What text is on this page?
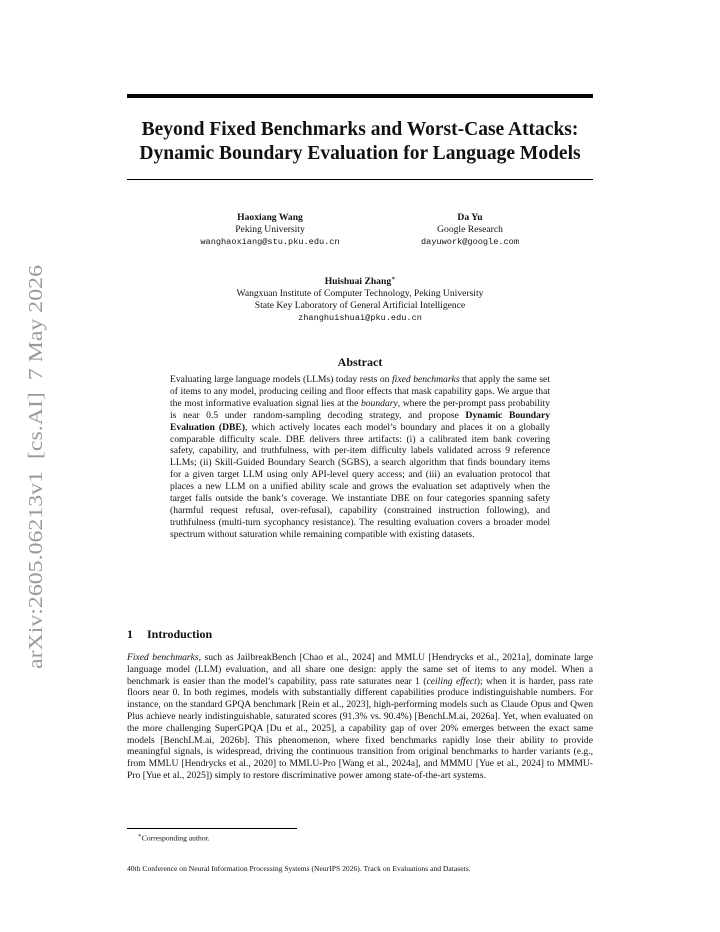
arXiv:2605.06213v1  [cs.AI]  7 May 2026
Beyond Fixed Benchmarks and Worst-Case Attacks:
Dynamic Boundary Evaluation for Language Models
Haoxiang Wang
Peking University
wanghaoxiang@stu.pku.edu.cn
Da Yu
Google Research
dayuwork@google.com
Huishuai Zhang∗
Wangxuan Institute of Computer Technology, Peking University
State Key Laboratory of General Artificial Intelligence
zhanghuishuai@pku.edu.cn
Abstract

Evaluating large language models (LLMs) today rests on fixed benchmarks that apply the same set of items to any model, producing ceiling and floor effects that mask capability gaps. We argue that the most informative evaluation signal lies at the boundary, where the per-prompt pass probability is near 0.5 under random-sampling decoding strategy, and propose Dynamic Boundary Evaluation (DBE), which actively locates each model’s boundary and places it on a globally comparable difficulty scale. DBE delivers three artifacts: (i) a calibrated item bank covering safety, capability, and truthfulness, with per-item difficulty labels validated across 9 reference LLMs; (ii) Skill-Guided Boundary Search (SGBS), a search algorithm that finds boundary items for a given target LLM using only API-level query access; and (iii) an evaluation protocol that places a new LLM on a unified ability scale and grows the evaluation set adaptively when the target falls outside the bank’s coverage. We instantiate DBE on four categories spanning safety (harmful request refusal, over-refusal), capability (constrained instruction following), and truthfulness (multi-turn sycophancy resistance). The resulting evaluation covers a broader model spectrum without saturation while remaining compatible with existing datasets.

1 Introduction

Fixed benchmarks, such as JailbreakBench [Chao et al., 2024] and MMLU [Hendrycks et al., 2021a], dominate large language model (LLM) evaluation, and all share one design: apply the same set of items to any model. When a benchmark is easier than the model’s capability, pass rate saturates near 1 (ceiling effect); when it is harder, pass rate floors near 0. In both regimes, models with substantially different capabilities produce indistinguishable numbers. For instance, on the standard GPQA benchmark [Rein et al., 2023], high-performing models such as Claude Opus and Qwen Plus achieve nearly indistinguishable, saturated scores (91.3% vs. 90.4%) [BenchLM.ai, 2026a]. Yet, when evaluated on the more challenging SuperGPQA [Du et al., 2025], a capability gap of over 20% emerges between the exact same models [BenchLM.ai, 2026b]. This phenomenon, where fixed benchmarks rapidly lose their ability to provide meaningful signals, is widespread, driving the continuous transition from original benchmarks to harder variants (e.g., from MMLU [Hendrycks et al., 2020] to MMLU-Pro [Wang et al., 2024a], and MMMU [Yue et al., 2024] to MMMU-Pro [Yue et al., 2025]) simply to restore discriminative power among state-of-the-art systems.

∗Corresponding author.
40th Conference on Neural Information Processing Systems (NeurIPS 2026). Track on Evaluations and Datasets.
